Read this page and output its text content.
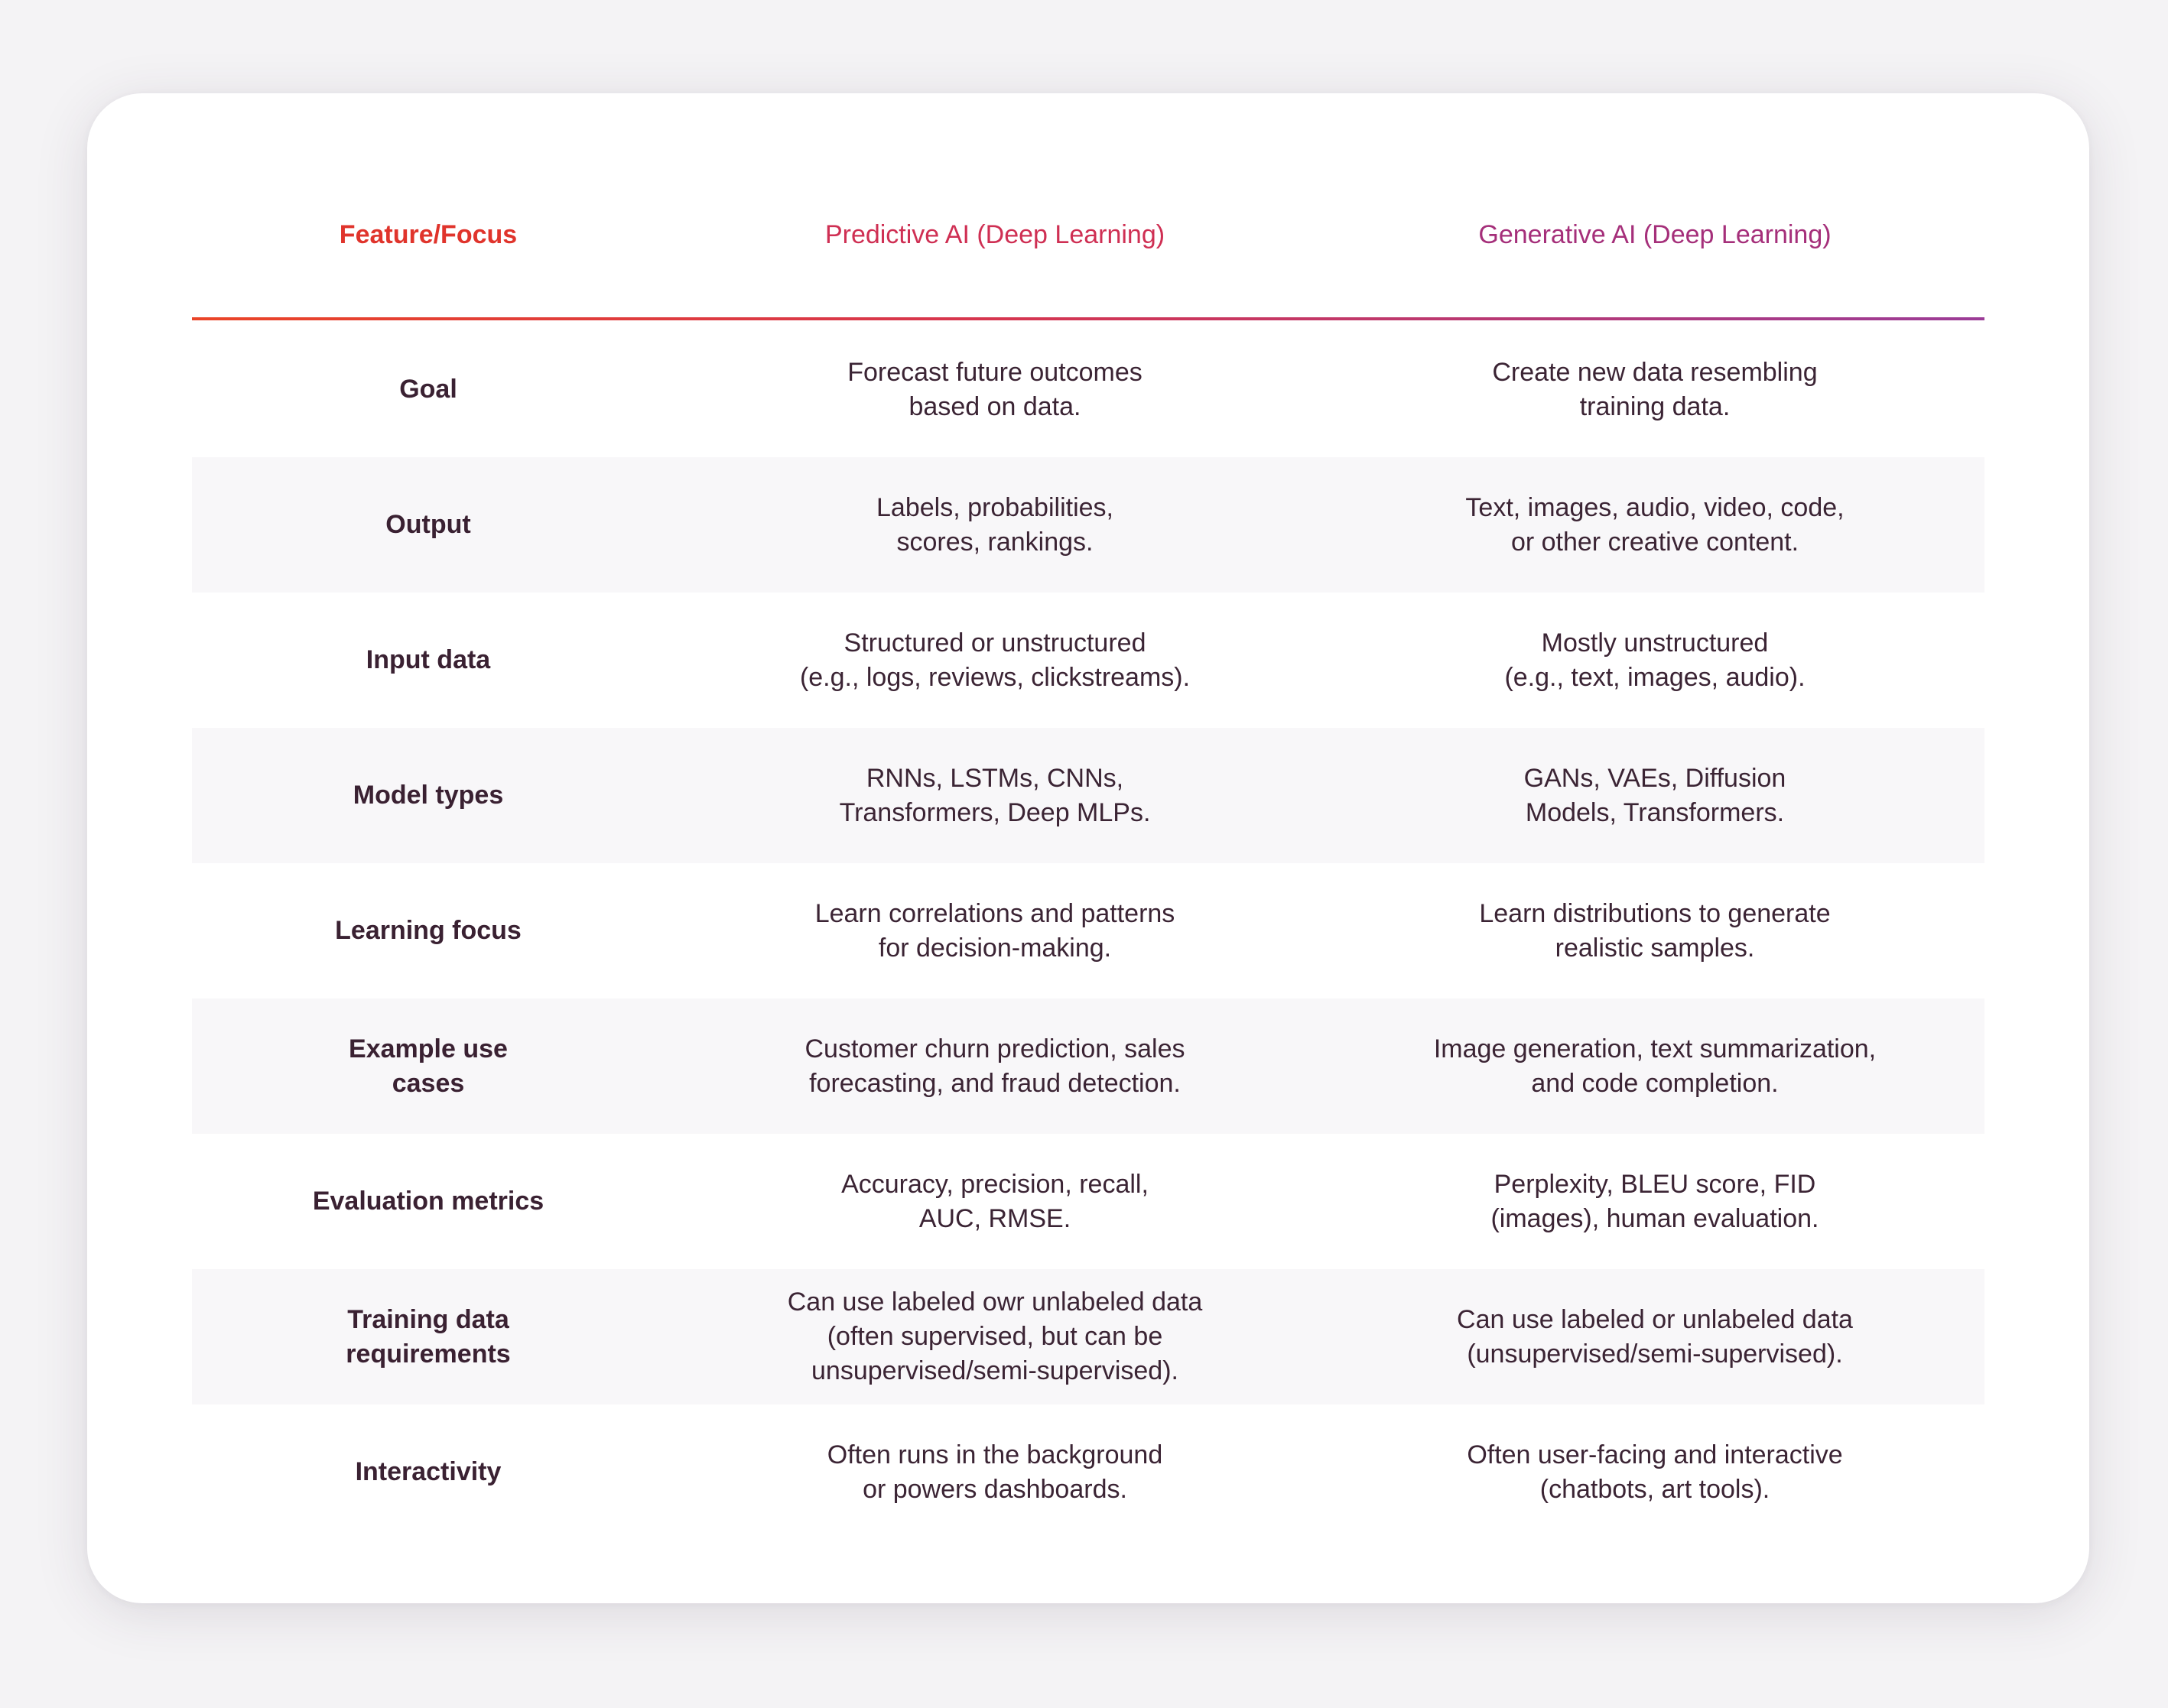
Feature/Focus	Predictive AI (Deep Learning)	Generative AI (Deep Learning)
Goal
Forecast future outcomes
based on data.
Create new data resembling
training data.
Output
Labels, probabilities,
scores, rankings.
Text, images, audio, video, code,
or other creative content.
Input data
Structured or unstructured
(e.g., logs, reviews, clickstreams).
Mostly unstructured
(e.g., text, images, audio).
Model types
RNNs, LSTMs, CNNs,
Transformers, Deep MLPs.
GANs, VAEs, Diffusion
Models, Transformers.
Learning focus
Learn correlations and patterns
for decision-making.
Learn distributions to generate
realistic samples.
Example use
cases
Customer churn prediction, sales
forecasting, and fraud detection.
Image generation, text summarization,
and code completion.
Evaluation metrics
Accuracy, precision, recall,
AUC, RMSE.
Perplexity, BLEU score, FID
(images), human evaluation.
Training data
requirements
Can use labeled owr unlabeled data
(often supervised, but can be
unsupervised/semi-supervised).
Can use labeled or unlabeled data
(unsupervised/semi-supervised).
Interactivity
Often runs in the background
or powers dashboards.
Often user-facing and interactive
(chatbots, art tools).
